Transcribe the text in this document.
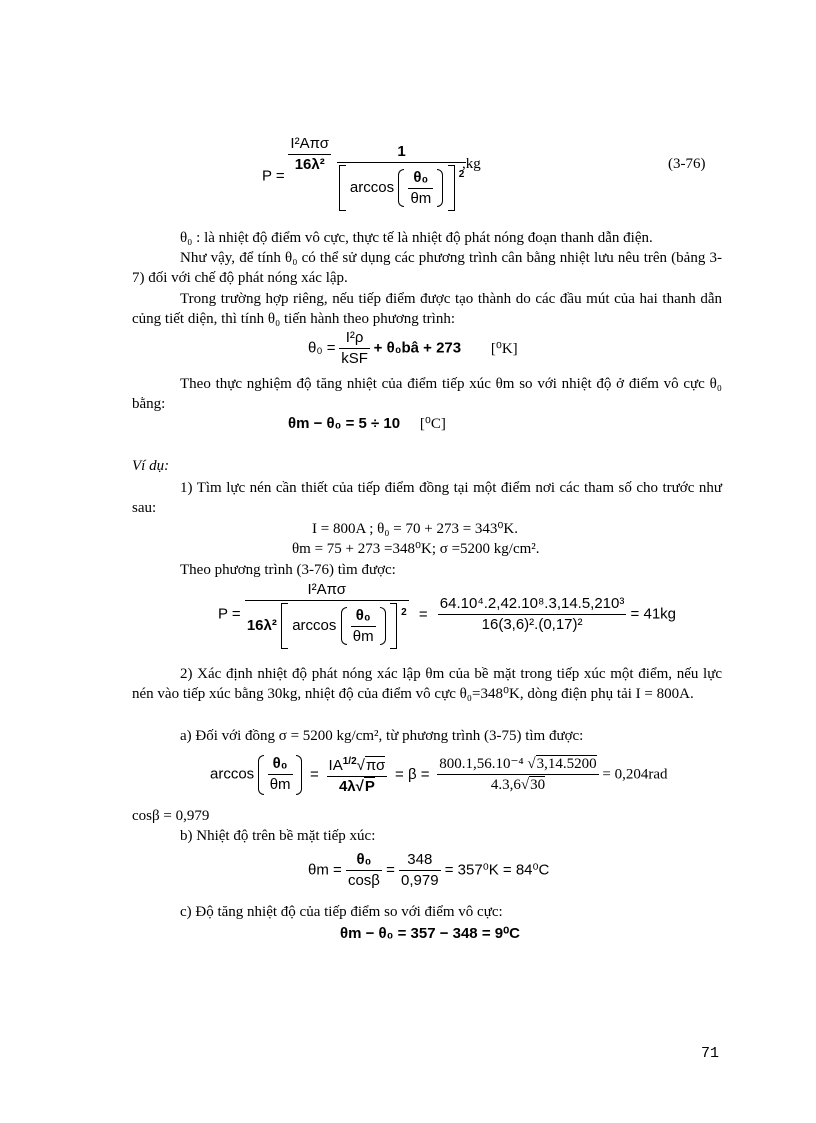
P =
$\frac{\text{I²Aπσ}}{\text{16λ²}}$
	1
$\arccos \frac{\text{θ₀}}{\theta m}$	$^2$
,kg	(3-76)
θ₀ : là nhiệt độ điểm vô cực, thực tế là nhiệt độ phát nóng đoạn thanh dẫn điện.
Như vậy, để tính θ₀ có thể sử dụng các phương trình cân bằng nhiệt lưu nêu trên (bảng 3-7) đối với chế độ phát nóng xác lập.
Trong trường hợp riêng, nếu tiếp điểm được tạo thành do các đầu mút của hai thanh dẫn củng tiết diện, thì tính θ₀ tiến hành theo phương trình:
$\theta_0 = \frac{\text{I²ρ}}{\text{kSF}}$ + θ₀bâ + 273 [⁰K]
Theo thực nghiệm độ tăng nhiệt của điểm tiếp xúc θm so với nhiệt độ ở điểm vô cực θ₀ bằng:
θm − θ₀ = 5 ÷ 10 [⁰C]
Ví dụ:
1) Tìm lực nén cần thiết của tiếp điểm đồng tại một điểm nơi các tham số cho trước như sau:
I = 800A ; θ₀ = 70 + 273 = 343⁰K.
θm = 75 + 273 =348⁰K; σ =5200 kg/cm².
Theo phương trình (3-76) tìm được:
P =
I²Aπσ
16λ² $\arccos \frac{\text{θ₀}}{\theta m}$	$^2 = \frac{\text{64.10⁴.2,42.10⁸.3,14.5,210³}}{\text{16(3,6)².(0,17)²}} = 41kg$
2) Xác định nhiệt độ phát nóng xác lập θm của bề mặt trong tiếp xúc một điểm, nếu lực nén vào tiếp xúc bằng 30kg, nhiệt độ của điểm vô cực θ₀=348⁰K, dòng điện phụ tải I = 800A.
a) Đối với đồng σ = 5200 kg/cm², từ phương trình (3-75) tìm được:
$\arccos \frac{\text{θ₀}}{\theta m} = \frac{IA^{1/2}√\pi\sigma}{4\lambda√P} = \beta = \frac{\text{800.1,56.10⁻⁴ √3,14.5200}}{4.3,6√30} = 0,204rad$
cosβ = 0,979
b) Nhiệt độ trên bề mặt tiếp xúc:
$\theta m = \frac{\text{θ₀}}{\cos\beta} = \frac{348}{0,979} = 357^0K = 84^0C$
c) Độ tăng nhiệt độ của tiếp điểm so với điểm vô cực:
θm − θ₀ = 357 − 348 = 9⁰C
71
